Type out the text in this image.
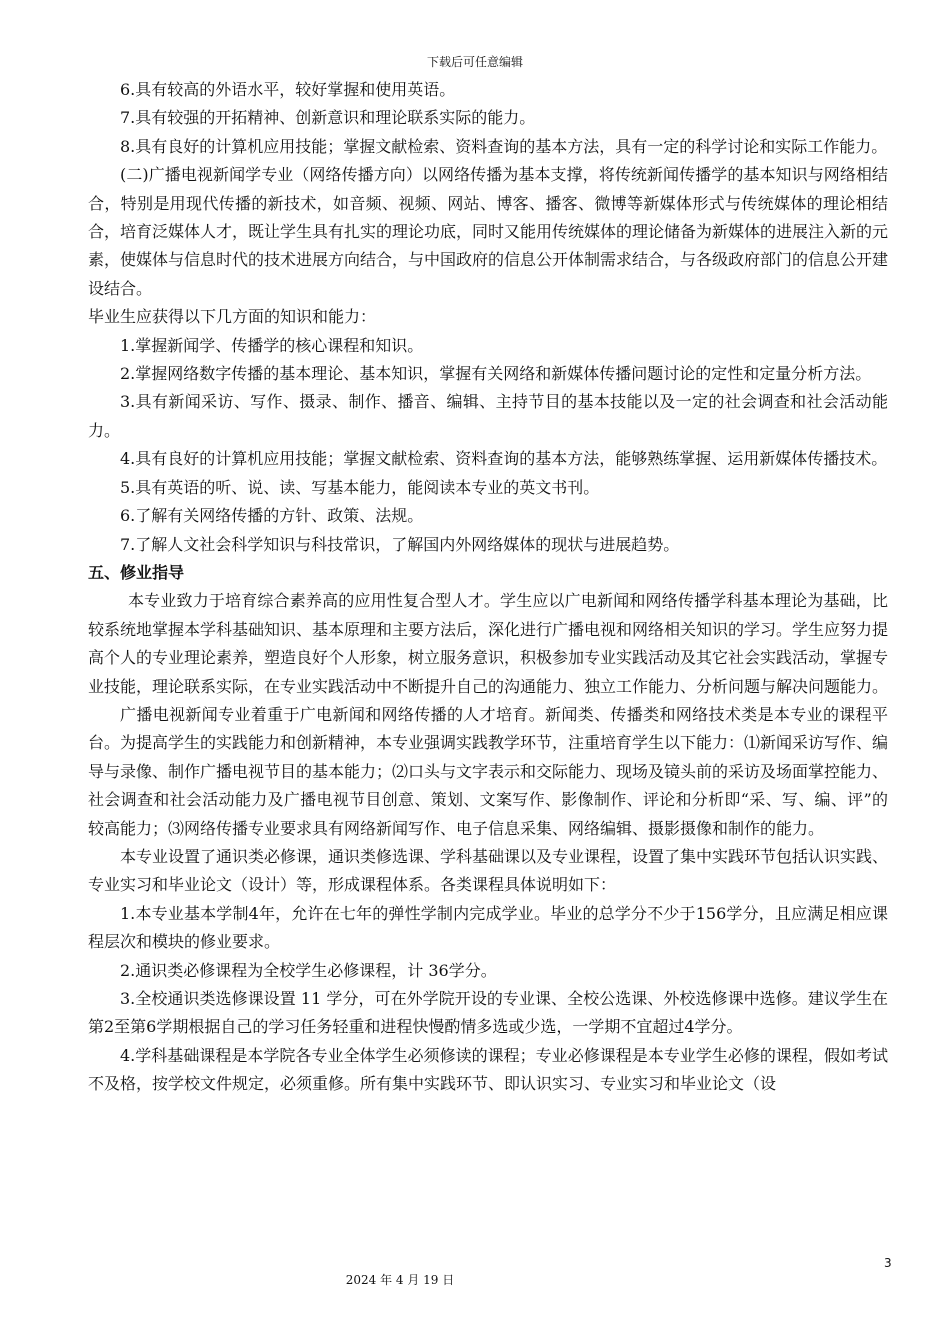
下载后可任意编辑

6.具有较高的外语水平，较好掌握和使用英语。

7.具有较强的开拓精神、创新意识和理论联系实际的能力。

8.具有良好的计算机应用技能；掌握文献检索、资料查询的基本方法，具有一定的科学讨论和实际工作能力。

(二)广播电视新闻学专业（网络传播方向）以网络传播为基本支撑，将传统新闻传播学的基本知识与网络相结合，特别是用现代传播的新技术，如音频、视频、网站、博客、播客、微博等新媒体形式与传统媒体的理论相结合，培育泛媒体人才，既让学生具有扎实的理论功底，同时又能用传统媒体的理论储备为新媒体的进展注入新的元素，使媒体与信息时代的技术进展方向结合，与中国政府的信息公开体制需求结合，与各级政府部门的信息公开建设结合。

毕业生应获得以下几方面的知识和能力：

1.掌握新闻学、传播学的核心课程和知识。

2.掌握网络数字传播的基本理论、基本知识，掌握有关网络和新媒体传播问题讨论的定性和定量分析方法。

3.具有新闻采访、写作、摄录、制作、播音、编辑、主持节目的基本技能以及一定的社会调查和社会活动能力。

4.具有良好的计算机应用技能；掌握文献检索、资料查询的基本方法，能够熟练掌握、运用新媒体传播技术。

5.具有英语的听、说、读、写基本能力，能阅读本专业的英文书刊。

6.了解有关网络传播的方针、政策、法规。

7.了解人文社会科学知识与科技常识，了解国内外网络媒体的现状与进展趋势。

五、修业指导

本专业致力于培育综合素养高的应用性复合型人才。学生应以广电新闻和网络传播学科基本理论为基础，比较系统地掌握本学科基础知识、基本原理和主要方法后，深化进行广播电视和网络相关知识的学习。学生应努力提高个人的专业理论素养，塑造良好个人形象，树立服务意识，积极参加专业实践活动及其它社会实践活动，掌握专业技能，理论联系实际，在专业实践活动中不断提升自己的沟通能力、独立工作能力、分析问题与解决问题能力。

广播电视新闻专业着重于广电新闻和网络传播的人才培育。新闻类、传播类和网络技术类是本专业的课程平台。为提高学生的实践能力和创新精神，本专业强调实践教学环节，注重培育学生以下能力：⑴新闻采访写作、编导与录像、制作广播电视节目的基本能力；⑵口头与文字表示和交际能力、现场及镜头前的采访及场面掌控能力、社会调查和社会活动能力及广播电视节目创意、策划、文案写作、影像制作、评论和分析即“采、写、编、评”的较高能力；⑶网络传播专业要求具有网络新闻写作、电子信息采集、网络编辑、摄影摄像和制作的能力。

本专业设置了通识类必修课，通识类修选课、学科基础课以及专业课程，设置了集中实践环节包括认识实践、专业实习和毕业论文（设计）等，形成课程体系。各类课程具体说明如下：

1.本专业基本学制4年，允许在七年的弹性学制内完成学业。毕业的总学分不少于156学分，且应满足相应课程层次和模块的修业要求。

2.通识类必修课程为全校学生必修课程，计 36学分。

3.全校通识类选修课设置 11 学分，可在外学院开设的专业课、全校公选课、外校选修课中选修。建议学生在第2至第6学期根据自己的学习任务轻重和进程快慢酌情多选或少选，一学期不宜超过4学分。

4.学科基础课程是本学院各专业全体学生必须修读的课程；专业必修课程是本专业学生必修的课程，假如考试不及格，按学校文件规定，必须重修。所有集中实践环节、即认识实习、专业实习和毕业论文（设

3
2024 年 4 月 19 日
